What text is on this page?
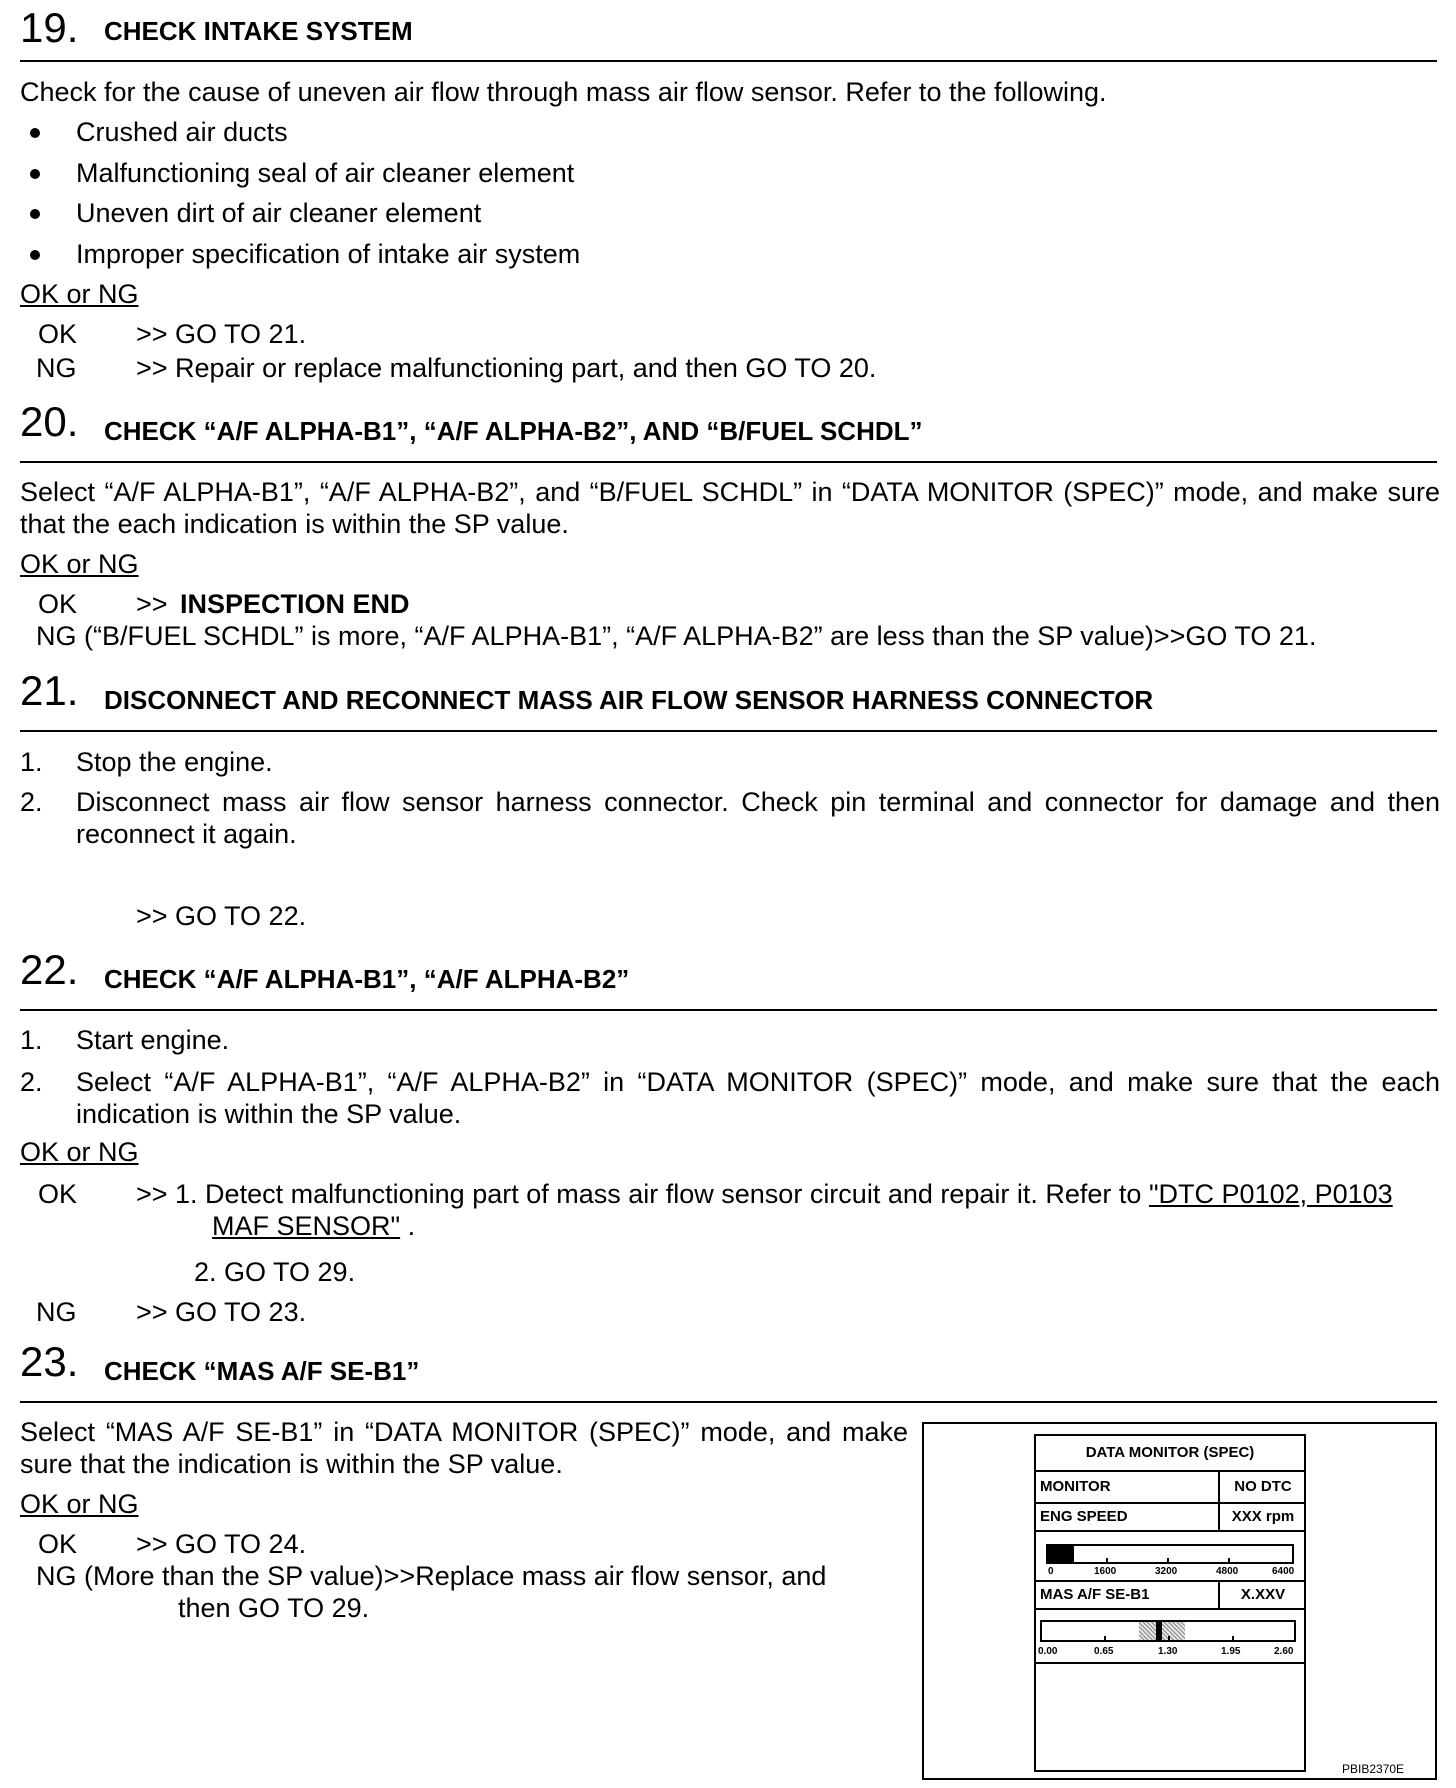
19. CHECK INTAKE SYSTEM
Check for the cause of uneven air flow through mass air flow sensor. Refer to the following.
Crushed air ducts
Malfunctioning seal of air cleaner element
Uneven dirt of air cleaner element
Improper specification of intake air system
OK or NG
OK >> GO TO 21.
NG >> Repair or replace malfunctioning part, and then GO TO 20.
20. CHECK “A/F ALPHA-B1”, “A/F ALPHA-B2”, AND “B/FUEL SCHDL”
Select “A/F ALPHA-B1”, “A/F ALPHA-B2”, and “B/FUEL SCHDL” in “DATA MONITOR (SPEC)” mode, and make sure that the each indication is within the SP value.
OK or NG
OK >> INSPECTION END
NG (“B/FUEL SCHDL” is more, “A/F ALPHA-B1”, “A/F ALPHA-B2” are less than the SP value)>>GO TO 21.
21. DISCONNECT AND RECONNECT MASS AIR FLOW SENSOR HARNESS CONNECTOR
1. Stop the engine.
2. Disconnect mass air flow sensor harness connector. Check pin terminal and connector for damage and then reconnect it again.
>> GO TO 22.
22. CHECK “A/F ALPHA-B1”, “A/F ALPHA-B2”
1. Start engine.
2. Select “A/F ALPHA-B1”, “A/F ALPHA-B2” in “DATA MONITOR (SPEC)” mode, and make sure that the each indication is within the SP value.
OK or NG
OK >> 1. Detect malfunctioning part of mass air flow sensor circuit and repair it. Refer to "DTC P0102, P0103 MAF SENSOR" .
2. GO TO 29.
NG >> GO TO 23.
23. CHECK “MAS A/F SE-B1”
Select “MAS A/F SE-B1” in “DATA MONITOR (SPEC)” mode, and make sure that the indication is within the SP value.
OK or NG
OK >> GO TO 24.
NG (More than the SP value)>>Replace mass air flow sensor, and
then GO TO 29.
DATA MONITOR (SPEC)
MONITOR	NO DTC
ENG SPEED	XXX rpm
0	1600	3200	4800	6400
MAS A/F SE-B1	X.XXV
0.00	0.65	1.30	1.95	2.60
PBIB2370E
